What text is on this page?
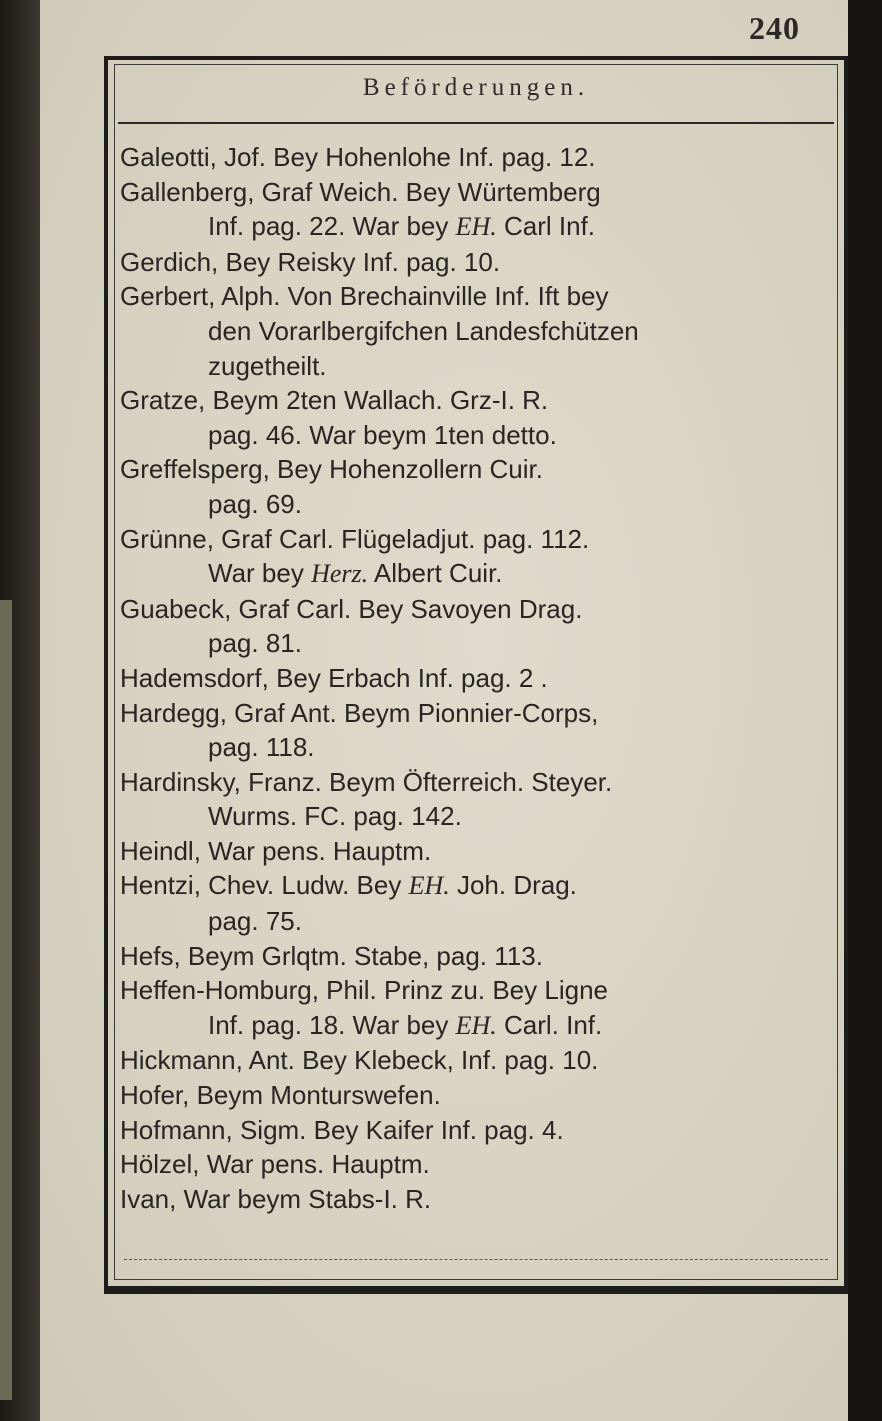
240
Beförderungen.
Galeotti, Jof. Bey Hohenlohe Inf. pag. 12.
Gallenberg, Graf Weich. Bey Würtemberg
Inf. pag. 22. War bey EH. Carl Inf.
Gerdich, Bey Reisky Inf. pag. 10.
Gerbert, Alph. Von Brechainville Inf. Ift bey
den Vorarlbergifchen Landesfchützen
zugetheilt.
Gratze, Beym 2ten Wallach. Grz-I. R.
pag. 46. War beym 1ten detto.
Greffelsperg, Bey Hohenzollern Cuir.
pag. 69.
Grünne, Graf Carl. Flügeladjut. pag. 112.
War bey Herz. Albert Cuir.
Guabeck, Graf Carl. Bey Savoyen Drag.
pag. 81.
Hademsdorf, Bey Erbach Inf. pag. 2 .
Hardegg, Graf Ant. Beym Pionnier-Corps,
pag. 118.
Hardinsky, Franz. Beym Öfterreich. Steyer.
Wurms. FC. pag. 142.
Heindl, War pens. Hauptm.
Hentzi, Chev. Ludw. Bey EH. Joh. Drag.
pag. 75.
Hefs, Beym Grlqtm. Stabe, pag. 113.
Heffen-Homburg, Phil. Prinz zu. Bey Ligne
Inf. pag. 18. War bey EH. Carl. Inf.
Hickmann, Ant. Bey Klebeck, Inf. pag. 10.
Hofer, Beym Monturswefen.
Hofmann, Sigm. Bey Kaifer Inf. pag. 4.
Hölzel, War pens. Hauptm.
Ivan, War beym Stabs-I. R.
